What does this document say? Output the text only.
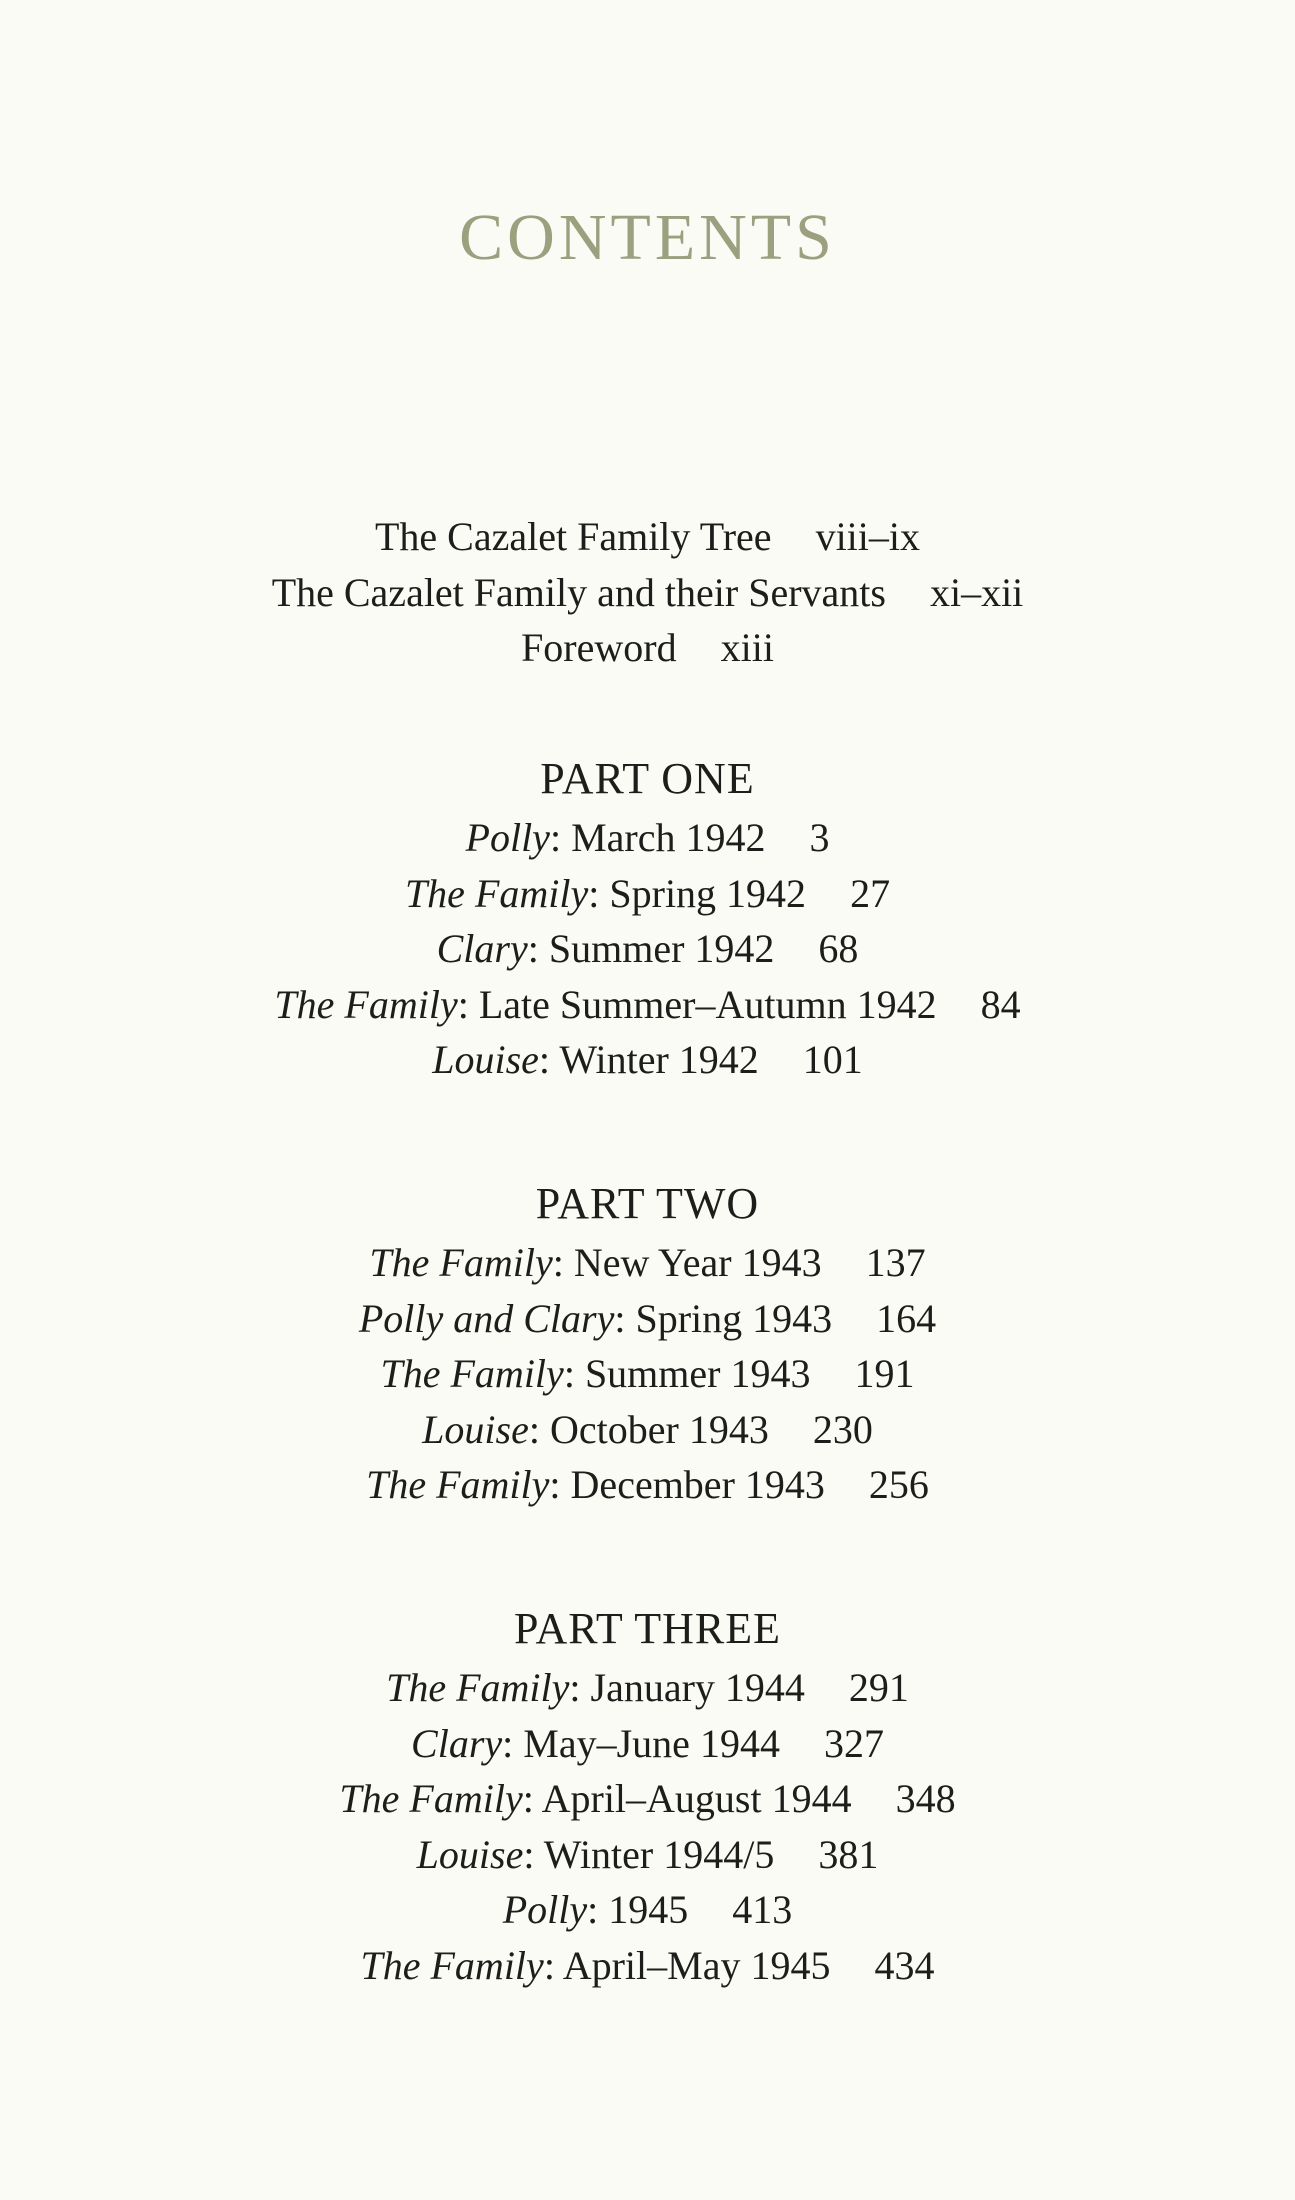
CONTENTS
The Cazalet Family Tree viii–ix
The Cazalet Family and their Servants xi–xii
Foreword xiii
PART ONE
Polly: March 1942 3
The Family: Spring 1942 27
Clary: Summer 1942 68
The Family: Late Summer–Autumn 1942 84
Louise: Winter 1942 101
PART TWO
The Family: New Year 1943 137
Polly and Clary: Spring 1943 164
The Family: Summer 1943 191
Louise: October 1943 230
The Family: December 1943 256
PART THREE
The Family: January 1944 291
Clary: May–June 1944 327
The Family: April–August 1944 348
Louise: Winter 1944/5 381
Polly: 1945 413
The Family: April–May 1945 434
